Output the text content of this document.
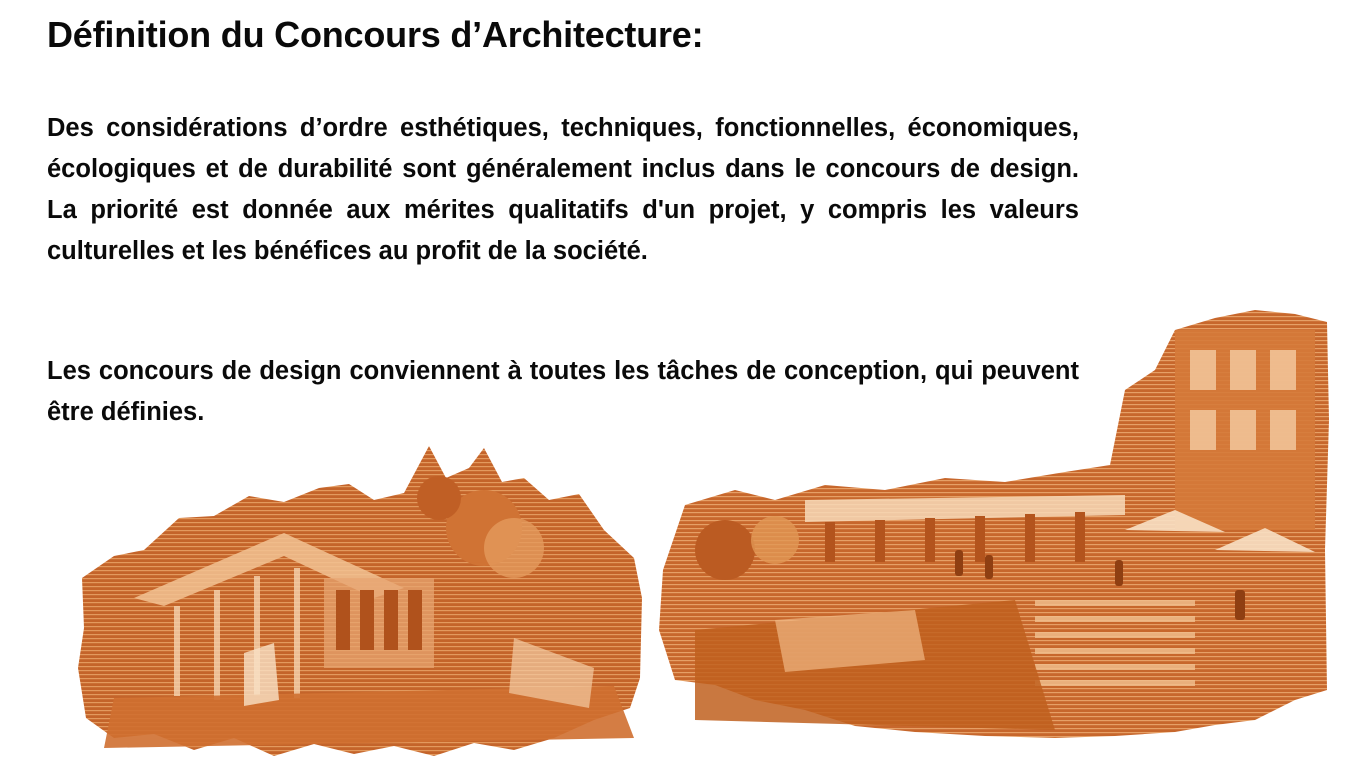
Définition du Concours d’Architecture:

Des considérations d’ordre esthétiques, techniques, fonctionnelles, économiques, écologiques et de durabilité sont généralement inclus dans le concours de design. La priorité est donnée aux mérites qualitatifs d'un projet, y compris les valeurs culturelles et les bénéfices au profit de la société.

Les concours de design conviennent à toutes les tâches de conception, qui peuvent être définies.
